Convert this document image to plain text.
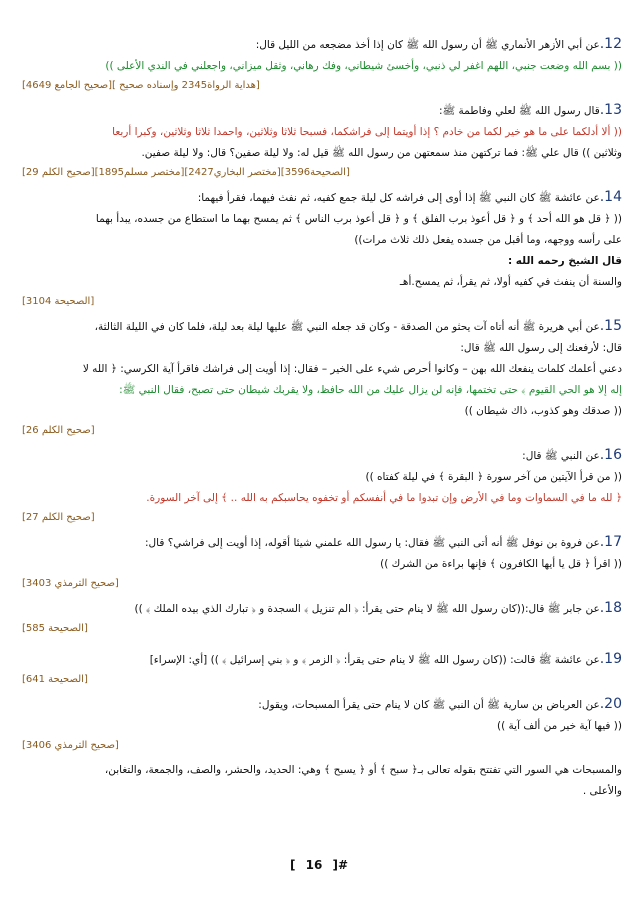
12.عن أبي الأزهر الأنماري ﷺ أن رسول الله ﷺ كان إذا أخذ مضجعه من الليل قال:
(( بسم الله وضعت جنبي، اللهم اغفر لي ذنبي، وأخسئ شيطاني، وفك رهاني، وثقل ميزاني، واجعلني في الندي الأعلى ))
[هداية الرواة2345 وإسناده صحيح ][صحيح الجامع 4649]
13.قال رسول الله ﷺ لعلي وفاطمة ﷺ:
(( ألا أدلكما على ما هو خير لكما من خادم ؟ إذا أويتما إلى فراشكما، فسبحا ثلاثا وثلاثين، واحمدا ثلاثا وثلاثين، وكبرا أربعا
وثلاثين )) قال علي ﷺ: فما تركتهن منذ سمعتهن من رسول الله ﷺ قيل له: ولا ليلة صفين؟ قال: ولا ليلة صفين.
[الصحيحة3596][مختصر البخاري2427][مختصر مسلم1895][صحيح الكلم 29]
14.عن عائشة ﷺ كان النبي ﷺ إذا أوى إلى فراشه كل ليلة جمع كفيه، ثم نفث فيهما، فقرأ فيهما:
(( ﴿ قل هو الله أحد ﴾ و ﴿ قل أعوذ برب الفلق ﴾ و ﴿ قل أعوذ برب الناس ﴾ ثم يمسح بهما ما استطاع من جسده، يبدأ بهما
على رأسه ووجهه، وما أقبل من جسده يفعل ذلك ثلاث مرات))
قال الشيخ رحمه الله :
والسنة أن ينفث في كفيه أولا، ثم يقرأ، ثم يمسح.أهـ
[الصحيحة 3104]
15.عن أبي هريرة ﷺ أنه أتاه آت يحثو من الصدقة - وكان قد جعله النبي ﷺ عليها ليلة بعد ليلة، فلما كان في الليلة الثالثة،
قال: لأرفعنك إلى رسول الله ﷺ قال:
دعني أعلمك كلمات ينفعك الله بهن – وكانوا أحرص شيء على الخير – فقال: إذا أويت إلى فراشك فاقرأ آية الكرسي: ﴿ الله لا
إله إلا هو الحي القيوم ﴾ حتى تختمها، فإنه لن يزال عليك من الله حافظ، ولا يقربك شيطان حتى تصبح، فقال النبي ﷺ:
(( صدقك وهو كذوب، ذاك شيطان ))
[صحيح الكلم 26]
16.عن النبي ﷺ قال:
(( من قرأ الآيتين من آخر سورة ﴿ البقرة ﴾ في ليلة كفتاه ))
﴿ لله ما في السماوات وما في الأرض وإن تبدوا ما في أنفسكم أو تخفوه يحاسبكم به الله .. ﴾ إلى آخر السورة.
[صحيح الكلم 27]
17.عن فروة بن نوفل ﷺ أنه أتى النبي ﷺ فقال: يا رسول الله علمني شيئا أقوله، إذا أويت إلى فراشي؟ قال:
(( اقرأ ﴿ قل يا أيها الكافرون ﴾ فإنها براءة من الشرك ))
[صحيح الترمذي 3403]
18.عن جابر ﷺ قال:((كان رسول الله ﷺ لا ينام حتى يقرأ: ﴿ الم تنزيل ﴾ السجدة و ﴿ تبارك الذي بيده الملك ﴾ ))
[الصحيحة 585]
19.عن عائشة ﷺ قالت: ((كان رسول الله ﷺ لا ينام حتى يقرأ: ﴿ الزمر ﴾ و ﴿ بني إسرائيل ﴾ )) [أي: الإسراء]
[الصحيحة 641]
20.عن العرباض بن سارية ﷺ أن النبي ﷺ كان لا ينام حتى يقرأ المسبحات، ويقول:
(( فيها آية خير من ألف آية ))
[صحيح الترمذي 3406]
والمسبحات هي السور التي تفتتح بقوله تعالى بـ﴿ سبح ﴾ أو ﴿ يسبح ﴾ وهي: الحديد، والحشر، والصف، والجمعة، والتغابن،
والأعلى .
[ 16 ]#
